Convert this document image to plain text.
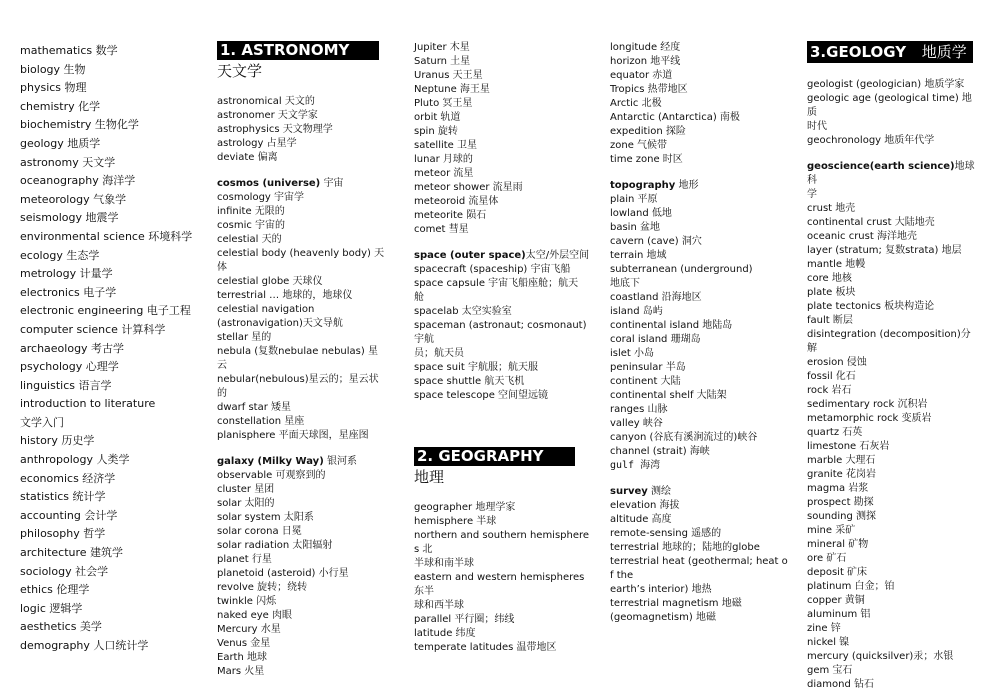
mathematics 数学
biology 生物
physics 物理
chemistry 化学
biochemistry 生物化学
geology 地质学
astronomy 天文学
oceanography 海洋学
meteorology 气象学
seismology 地震学
environmental science 环境科学
ecology 生态学
metrology 计量学
electronics 电子学
electronic engineering 电子工程
computer science 计算科学
archaeology 考古学
psychology 心理学
linguistics 语言学
introduction to literature
文学入门
history 历史学
anthropology 人类学
economics 经济学
statistics 统计学
accounting 会计学
philosophy 哲学
architecture 建筑学
sociology 社会学
ethics 伦理学
logic 逻辑学
aesthetics 美学
demography 人口统计学
1. ASTRONOMY
天文学
astronomical 天文的
astronomer 天文学家
astrophysics 天文物理学
astrology 占星学
deviate 偏离
cosmos (universe) 宇宙
cosmology 宇宙学
infinite 无限的
cosmic 宇宙的
celestial 天的
celestial body (heavenly body) 天
体
celestial globe 天球仪
terrestrial … 地球的，地球仪
celestial navigation
(astronavigation)天文导航
stellar 星的
nebula (复数nebulae nebulas) 星云
nebular(nebulous)星云的；星云状的
dwarf star 矮星
constellation 星座
planisphere 平面天球图，星座图
galaxy (Milky Way) 银河系
observable 可观察到的
cluster 星团
solar 太阳的
solar system 太阳系
solar corona 日冕
solar radiation 太阳辐射
planet 行星
planetoid (asteroid) 小行星
revolve 旋转；绕转
twinkle 闪烁
naked eye 肉眼
Mercury 水星
Venus 金星
Earth 地球
Mars 火星
Jupiter 木星
Saturn 土星
Uranus 天王星
Neptune 海王星
Pluto 冥王星
orbit 轨道
spin 旋转
satellite 卫星
lunar 月球的
meteor 流星
meteor shower 流星雨
meteoroid 流星体
meteorite 陨石
comet 彗星
space (outer space)太空/外层空间
spacecraft (spaceship) 宇宙飞船
space capsule 宇宙飞船座舱；航天
舱
spacelab 太空实验室
spaceman (astronaut; cosmonaut) 宇航
员；航天员
space suit 宇航服；航天服
space shuttle 航天飞机
space telescope 空间望远镜
2. GEOGRAPHY
地理
geographer 地理学家
hemisphere 半球
northern and southern hemispheres 北
半球和南半球
eastern and western hemispheres 东半
球和西半球
parallel 平行圈；纬线
latitude 纬度
temperate latitudes 温带地区
longitude 经度
horizon 地平线
equator 赤道
Tropics 热带地区
Arctic 北极
Antarctic (Antarctica) 南极
expedition 探险
zone 气候带
time zone 时区
topography 地形
plain 平原
lowland 低地
basin 盆地
cavern (cave) 洞穴
terrain 地域
subterranean (underground)
地底下
coastland 沿海地区
island 岛屿
continental island 地陆岛
coral island 珊瑚岛
islet 小岛
peninsular 半岛
continent 大陆
continental shelf 大陆架
ranges 山脉
valley 峡谷
canyon (谷底有溪涧流过的)峡谷
channel (strait) 海峡
gulf 海湾
survey 测绘
elevation 海拔
altitude 高度
remote-sensing 遥感的
terrestrial 地球的；陆地的globe
terrestrial heat (geothermal; heat of the
earth’s interior) 地热
terrestrial magnetism 地磁
(geomagnetism) 地磁
3.GEOLOGY 地质学
geologist (geologician) 地质学家
geologic age (geological time) 地质
时代
geochronology 地质年代学
geoscience(earth science)地球科
学
crust 地壳
continental crust 大陆地壳
oceanic crust 海洋地壳
layer (stratum; 复数strata) 地层
mantle 地幔
core 地核
plate 板块
plate tectonics 板块构造论
fault 断层
disintegration (decomposition)分解
erosion 侵蚀
fossil 化石
rock 岩石
sedimentary rock 沉积岩
metamorphic rock 变质岩
quartz 石英
limestone 石灰岩
marble 大理石
granite 花岗岩
magma 岩浆
prospect 勘探
sounding 测探
mine 采矿
mineral 矿物
ore 矿石
deposit 矿床
platinum 白金；铂
copper 黄铜
aluminum 铝
zine 锌
nickel 镍
mercury (quicksilver)汞；水银
gem 宝石
diamond 钻石
